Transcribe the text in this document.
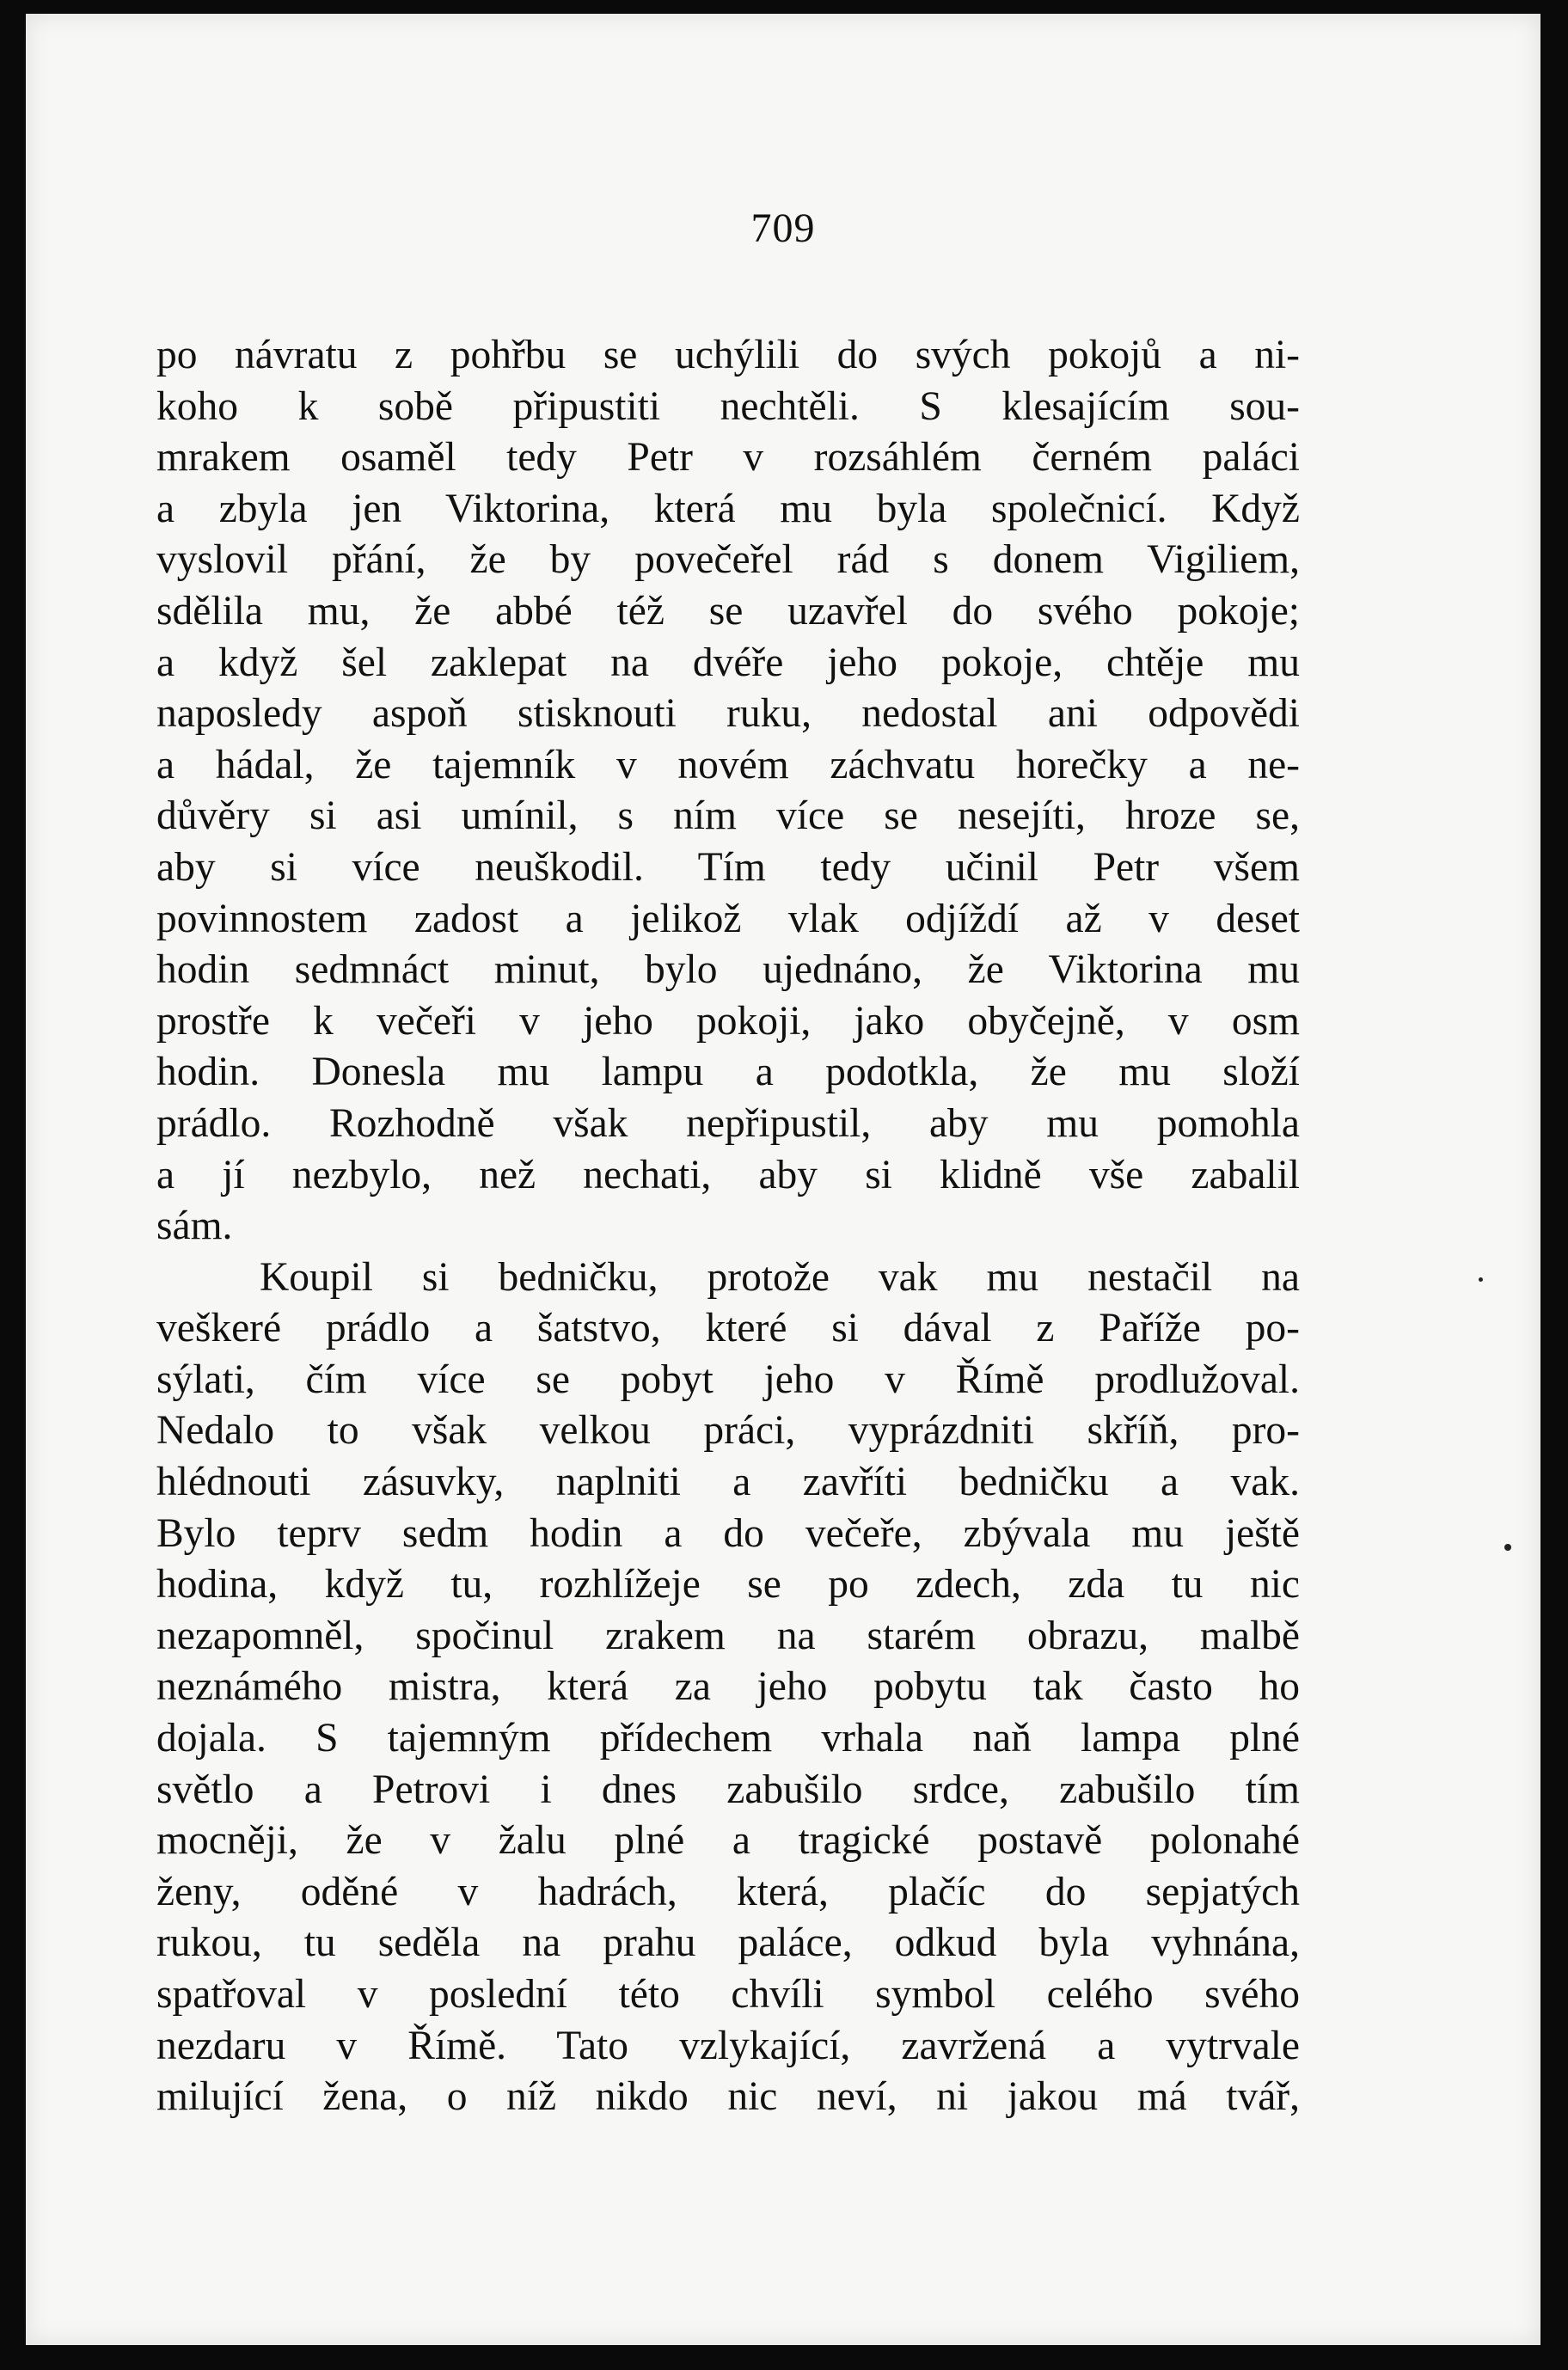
709
po návratu z pohřbu se uchýlili do svých pokojů a ni-
koho k sobě připustiti nechtěli. S klesajícím sou-
mrakem osaměl tedy Petr v rozsáhlém černém paláci
a zbyla jen Viktorina, která mu byla společnicí. Když
vyslovil přání, že by povečeřel rád s donem Vigiliem,
sdělila mu, že abbé též se uzavřel do svého pokoje;
a když šel zaklepat na dvéře jeho pokoje, chtěje mu
naposledy aspoň stisknouti ruku, nedostal ani odpovědi
a hádal, že tajemník v novém záchvatu horečky a ne-
důvěry si asi umínil, s ním více se nesejíti, hroze se,
aby si více neuškodil. Tím tedy učinil Petr všem
povinnostem zadost a jelikož vlak odjíždí až v deset
hodin sedmnáct minut, bylo ujednáno, že Viktorina mu
prostře k večeři v jeho pokoji, jako obyčejně, v osm
hodin. Donesla mu lampu a podotkla, že mu složí
prádlo. Rozhodně však nepřipustil, aby mu pomohla
a jí nezbylo, než nechati, aby si klidně vše zabalil
sám.
Koupil si bedničku, protože vak mu nestačil na
veškeré prádlo a šatstvo, které si dával z Paříže po-
sýlati, čím více se pobyt jeho v Římě prodlužoval.
Nedalo to však velkou práci, vyprázdniti skříň, pro-
hlédnouti zásuvky, naplniti a zavříti bedničku a vak.
Bylo teprv sedm hodin a do večeře, zbývala mu ještě
hodina, když tu, rozhlížeje se po zdech, zda tu nic
nezapomněl, spočinul zrakem na starém obrazu, malbě
neznámého mistra, která za jeho pobytu tak často ho
dojala. S tajemným přídechem vrhala naň lampa plné
světlo a Petrovi i dnes zabušilo srdce, zabušilo tím
mocněji, že v žalu plné a tragické postavě polonahé
ženy, oděné v hadrách, která, plačíc do sepjatých
rukou, tu seděla na prahu paláce, odkud byla vyhnána,
spatřoval v poslední této chvíli symbol celého svého
nezdaru v Římě. Tato vzlykající, zavržená a vytrvale
milující žena, o níž nikdo nic neví, ni jakou má tvář,
